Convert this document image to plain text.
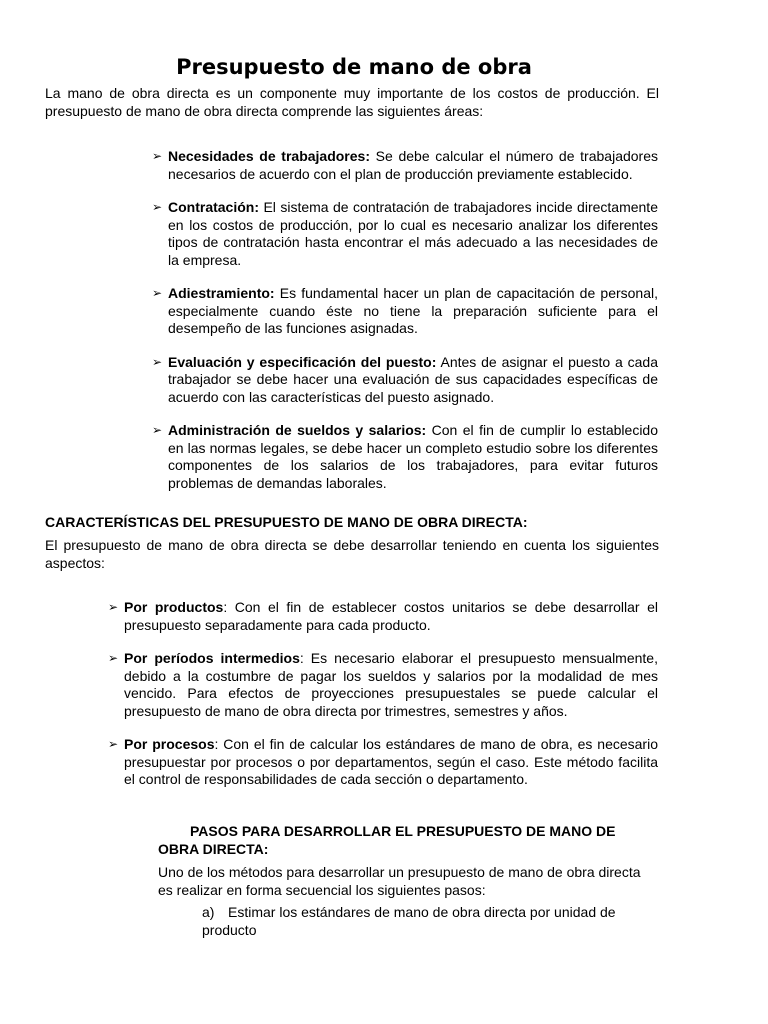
Presupuesto de mano de obra
La mano de obra directa es un componente muy importante de los costos de producción. El presupuesto de mano de obra directa comprende las siguientes áreas:
➢ Necesidades de trabajadores: Se debe calcular el número de trabajadores necesarios de acuerdo con el plan de producción previamente establecido.
➢ Contratación: El sistema de contratación de trabajadores incide directamente en los costos de producción, por lo cual es necesario analizar los diferentes tipos de contratación hasta encontrar el más adecuado a las necesidades de la empresa.
➢ Adiestramiento: Es fundamental hacer un plan de capacitación de personal, especialmente cuando éste no tiene la preparación suficiente para el desempeño de las funciones asignadas.
➢ Evaluación y especificación del puesto: Antes de asignar el puesto a cada trabajador se debe hacer una evaluación de sus capacidades específicas de acuerdo con las características del puesto asignado.
➢ Administración de sueldos y salarios: Con el fin de cumplir lo establecido en las normas legales, se debe hacer un completo estudio sobre los diferentes componentes de los salarios de los trabajadores, para evitar futuros problemas de demandas laborales.
CARACTERÍSTICAS DEL PRESUPUESTO DE MANO DE OBRA DIRECTA:
El presupuesto de mano de obra directa se debe desarrollar teniendo en cuenta los siguientes aspectos:
➢ Por productos: Con el fin de establecer costos unitarios se debe desarrollar el presupuesto separadamente para cada producto.
➢ Por períodos intermedios: Es necesario elaborar el presupuesto mensualmente, debido a la costumbre de pagar los sueldos y salarios por la modalidad de mes vencido. Para efectos de proyecciones presupuestales se puede calcular el presupuesto de mano de obra directa por trimestres, semestres y años.
➢ Por procesos: Con el fin de calcular los estándares de mano de obra, es necesario presupuestar por procesos o por departamentos, según el caso. Este método facilita el control de responsabilidades de cada sección o departamento.
PASOS PARA DESARROLLAR EL PRESUPUESTO DE MANO DE OBRA DIRECTA:
Uno de los métodos para desarrollar un presupuesto de mano de obra directa es realizar en forma secuencial los siguientes pasos:
a) Estimar los estándares de mano de obra directa por unidad de producto
